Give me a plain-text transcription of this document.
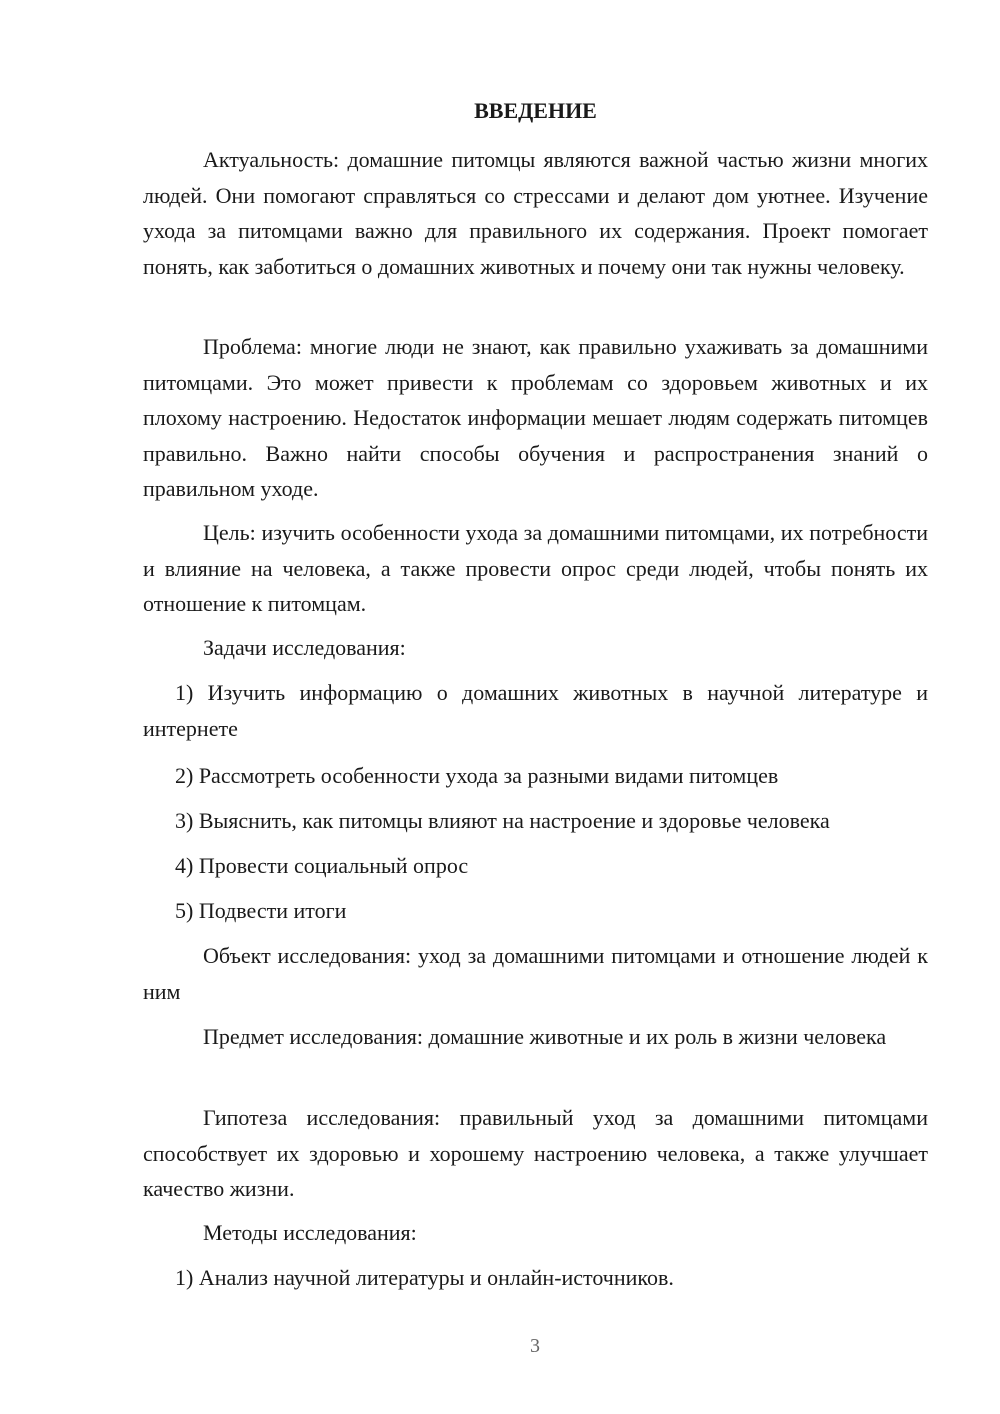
ВВЕДЕНИЕ

Актуальность: домашние питомцы являются важной частью жизни многих людей. Они помогают справляться со стрессами и делают дом уютнее. Изучение ухода за питомцами важно для правильного их содержания. Проект помогает понять, как заботиться о домашних животных и почему они так нужны человеку.

Проблема: многие люди не знают, как правильно ухаживать за домашними питомцами. Это может привести к проблемам со здоровьем животных и их плохому настроению. Недостаток информации мешает людям содержать питомцев правильно. Важно найти способы обучения и распространения знаний о правильном уходе.

Цель: изучить особенности ухода за домашними питомцами, их потребности и влияние на человека, а также провести опрос среди людей, чтобы понять их отношение к питомцам.

Задачи исследования:

1) Изучить информацию о домашних животных в научной литературе и интернете

2) Рассмотреть особенности ухода за разными видами питомцев

3) Выяснить, как питомцы влияют на настроение и здоровье человека

4) Провести социальный опрос

5) Подвести итоги

Объект исследования: уход за домашними питомцами и отношение людей к ним

Предмет исследования: домашние животные и их роль в жизни человека

Гипотеза исследования: правильный уход за домашними питомцами способствует их здоровью и хорошему настроению человека, а также улучшает качество жизни.

Методы исследования:

1) Анализ научной литературы и онлайн-источников.

3
